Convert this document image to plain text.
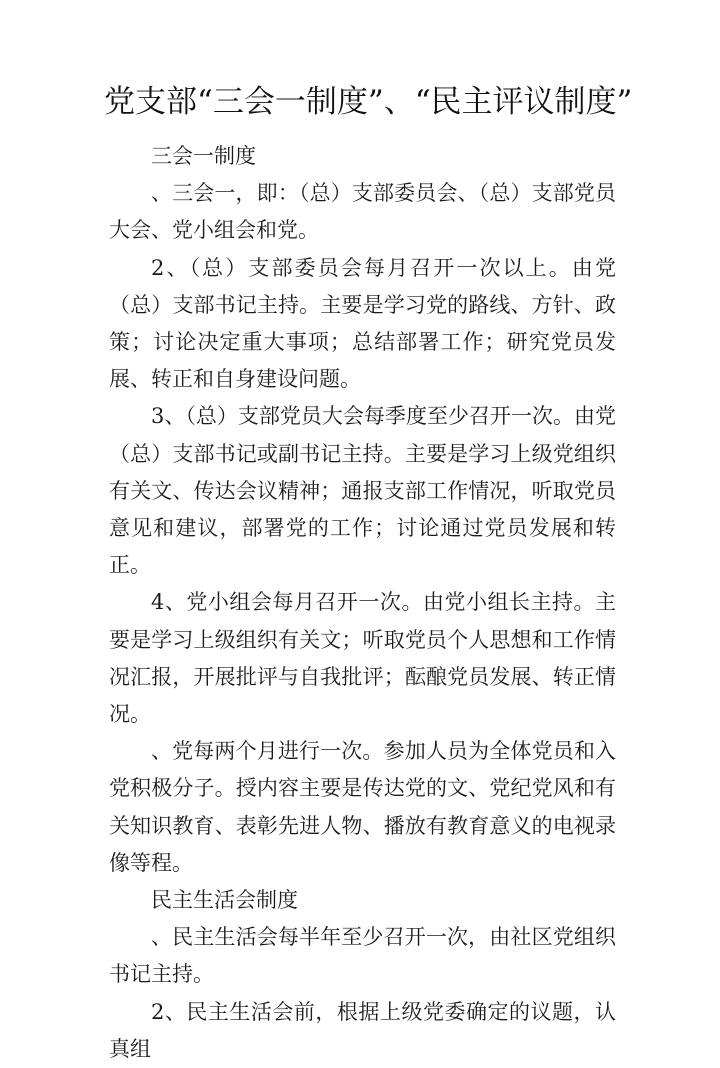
党支部“三会一制度”、“民主评议制度”

三会一制度

、三会一，即：（总）支部委员会、（总）支部党员大会、党小组会和党。

2、（总）支部委员会每月召开一次以上。由党（总）支部书记主持。主要是学习党的路线、方针、政策；讨论决定重大事项；总结部署工作；研究党员发展、转正和自身建设问题。

3、（总）支部党员大会每季度至少召开一次。由党（总）支部书记或副书记主持。主要是学习上级党组织有关文、传达会议精神；通报支部工作情况，听取党员意见和建议，部署党的工作；讨论通过党员发展和转正。

4、党小组会每月召开一次。由党小组长主持。主要是学习上级组织有关文；听取党员个人思想和工作情况汇报，开展批评与自我批评；酝酿党员发展、转正情况。

、党每两个月进行一次。参加人员为全体党员和入党积极分子。授内容主要是传达党的文、党纪党风和有关知识教育、表彰先进人物、播放有教育意义的电视录像等程。

民主生活会制度

、民主生活会每半年至少召开一次，由社区党组织书记主持。

2、民主生活会前，根据上级党委确定的议题，认真组
